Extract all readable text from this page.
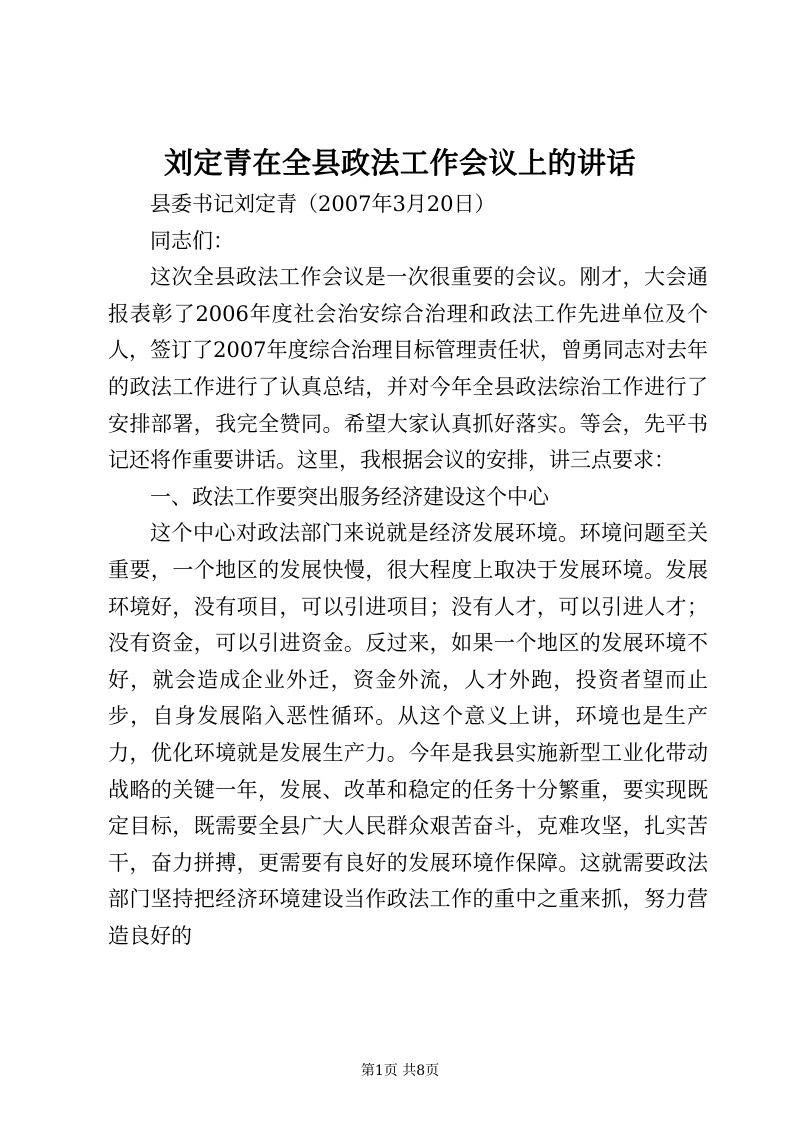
刘定青在全县政法工作会议上的讲话

县委书记刘定青（2007年3月20日）

同志们：

这次全县政法工作会议是一次很重要的会议。刚才，大会通报表彰了2006年度社会治安综合治理和政法工作先进单位及个人，签订了2007年度综合治理目标管理责任状，曾勇同志对去年的政法工作进行了认真总结，并对今年全县政法综治工作进行了安排部署，我完全赞同。希望大家认真抓好落实。等会，先平书记还将作重要讲话。这里，我根据会议的安排，讲三点要求：

一、政法工作要突出服务经济建设这个中心

这个中心对政法部门来说就是经济发展环境。环境问题至关重要，一个地区的发展快慢，很大程度上取决于发展环境。发展环境好，没有项目，可以引进项目；没有人才，可以引进人才；没有资金，可以引进资金。反过来，如果一个地区的发展环境不好，就会造成企业外迁，资金外流，人才外跑，投资者望而止步，自身发展陷入恶性循环。从这个意义上讲，环境也是生产力，优化环境就是发展生产力。今年是我县实施新型工业化带动战略的关键一年，发展、改革和稳定的任务十分繁重，要实现既定目标，既需要全县广大人民群众艰苦奋斗，克难攻坚，扎实苦干，奋力拼搏，更需要有良好的发展环境作保障。这就需要政法部门坚持把经济环境建设当作政法工作的重中之重来抓，努力营造良好的

第1页 共8页
